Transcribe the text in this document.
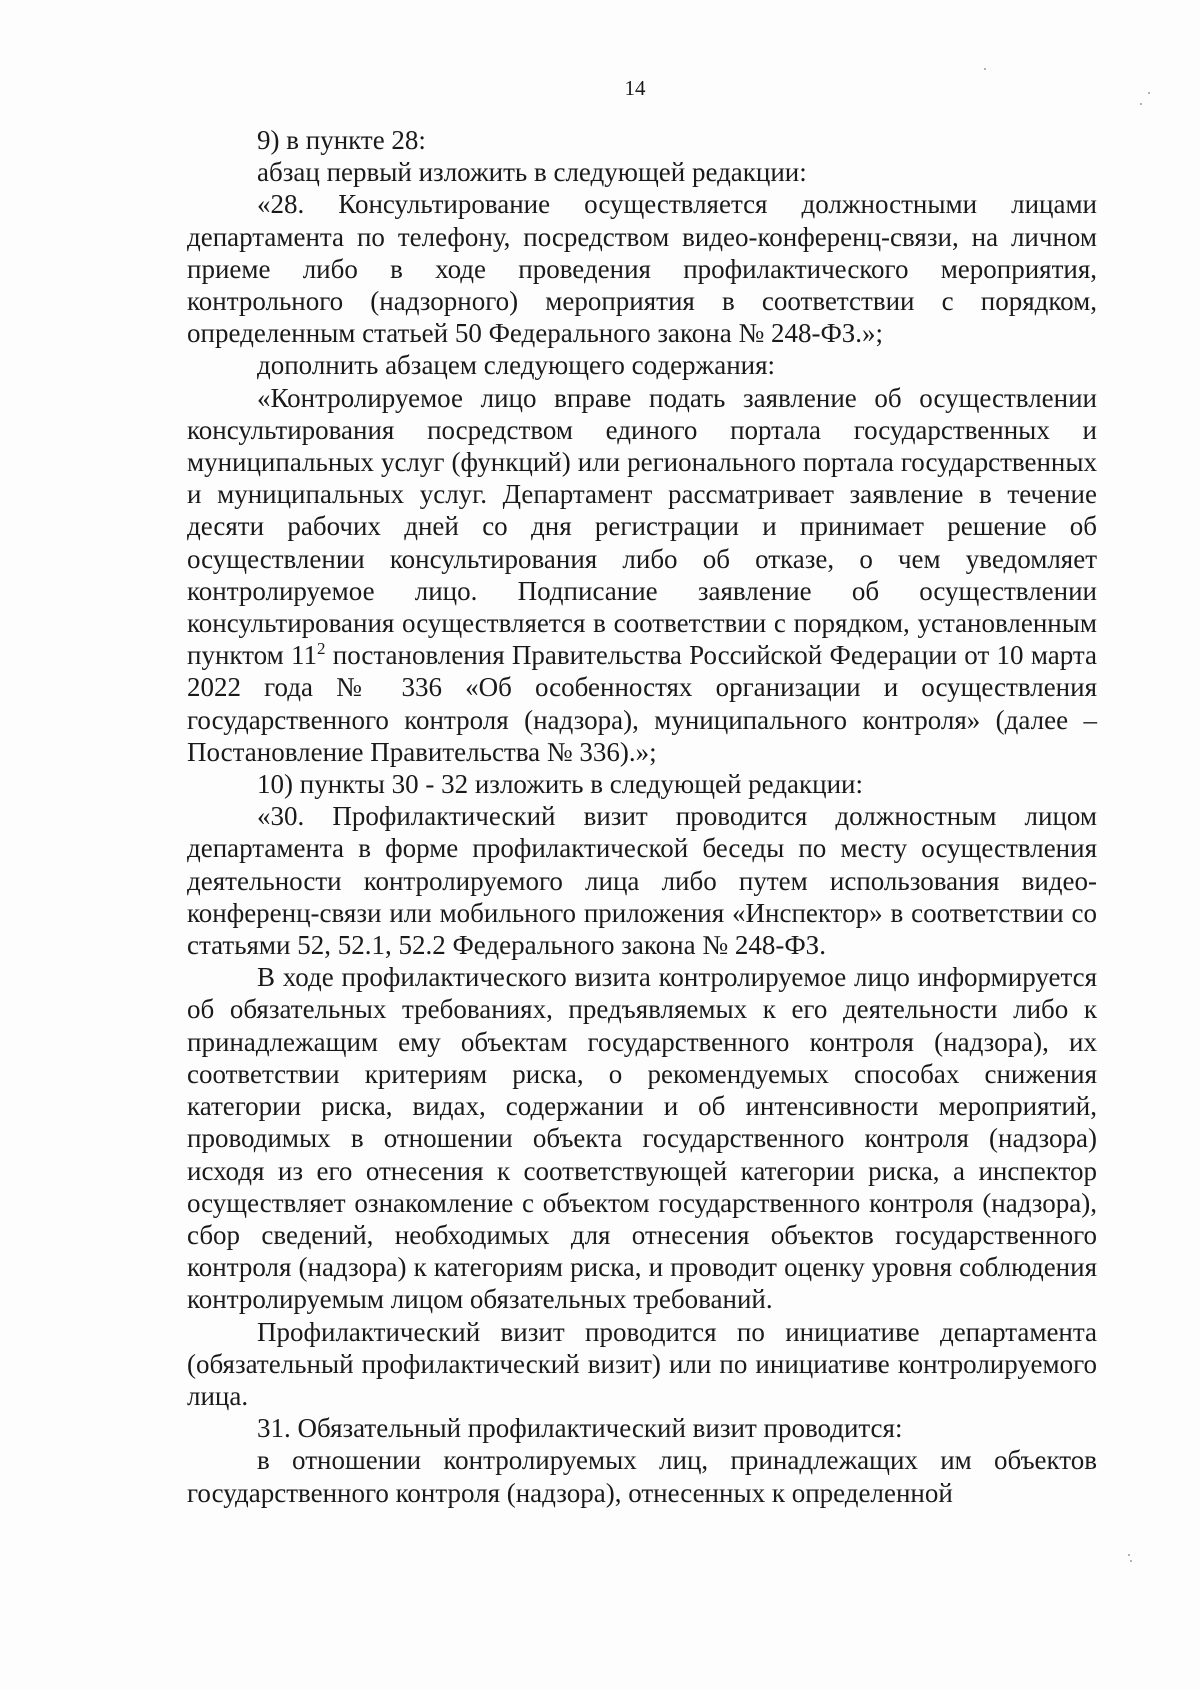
14

9) в пункте 28:

абзац первый изложить в следующей редакции:

«28. Консультирование осуществляется должностными лицами департамента по телефону, посредством видео-конференц-связи, на личном приеме либо в ходе проведения профилактического мероприятия, контрольного (надзорного) мероприятия в соответствии с порядком, определенным статьей 50 Федерального закона № 248-ФЗ.»;

дополнить абзацем следующего содержания:

«Контролируемое лицо вправе подать заявление об осуществлении консультирования посредством единого портала государственных и муниципальных услуг (функций) или регионального портала государственных и муниципальных услуг. Департамент рассматривает заявление в течение десяти рабочих дней со дня регистрации и принимает решение об осуществлении консультирования либо об отказе, о чем уведомляет контролируемое лицо. Подписание заявление об осуществлении консультирования осуществляется в соответствии с порядком, установленным пунктом $11^2$ постановления Правительства Российской Федерации от 10 марта 2022 года № 336 «Об особенностях организации и осуществления государственного контроля (надзора), муниципального контроля» (далее – Постановление Правительства № 336).»;

10) пункты 30 - 32 изложить в следующей редакции:

«30. Профилактический визит проводится должностным лицом департамента в форме профилактической беседы по месту осуществления деятельности контролируемого лица либо путем использования видео-конференц-связи или мобильного приложения «Инспектор» в соответствии со статьями 52, 52.1, 52.2 Федерального закона № 248-ФЗ.

В ходе профилактического визита контролируемое лицо информируется об обязательных требованиях, предъявляемых к его деятельности либо к принадлежащим ему объектам государственного контроля (надзора), их соответствии критериям риска, о рекомендуемых способах снижения категории риска, видах, содержании и об интенсивности мероприятий, проводимых в отношении объекта государственного контроля (надзора) исходя из его отнесения к соответствующей категории риска, а инспектор осуществляет ознакомление с объектом государственного контроля (надзора), сбор сведений, необходимых для отнесения объектов государственного контроля (надзора) к категориям риска, и проводит оценку уровня соблюдения контролируемым лицом обязательных требований.

Профилактический визит проводится по инициативе департамента (обязательный профилактический визит) или по инициативе контролируемого лица.

31. Обязательный профилактический визит проводится:

в отношении контролируемых лиц, принадлежащих им объектов государственного контроля (надзора), отнесенных к определенной
